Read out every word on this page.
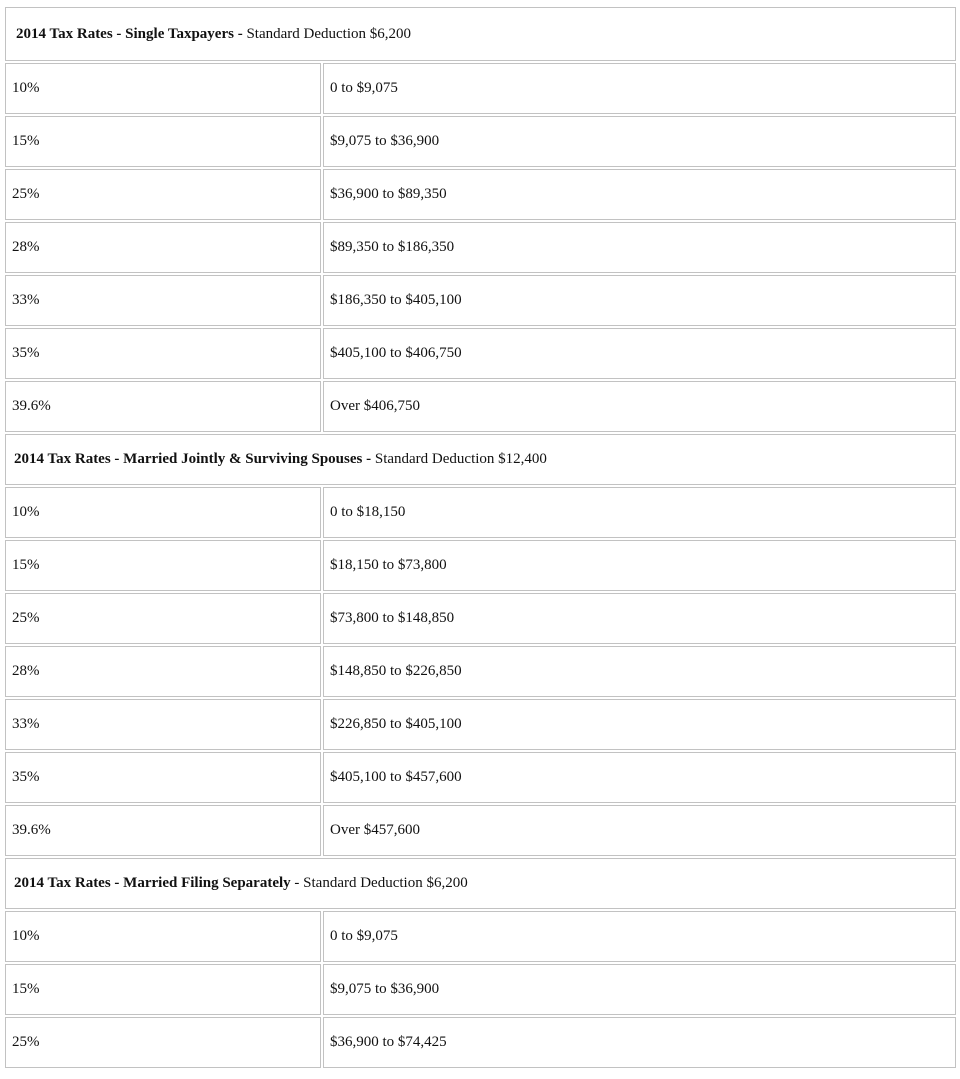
2014 Tax Rates - Single Taxpayers - Standard Deduction $6,200	
10%	0 to $9,075
15%	$9,075 to $36,900
25%	$36,900 to $89,350
28%	$89,350 to $186,350
33%	$186,350 to $405,100
35%	$405,100 to $406,750
39.6%	Over $406,750
2014 Tax Rates - Married Jointly & Surviving Spouses - Standard Deduction $12,400	
10%	0 to $18,150
15%	$18,150 to $73,800
25%	$73,800 to $148,850
28%	$148,850 to $226,850
33%	$226,850 to $405,100
35%	$405,100 to $457,600
39.6%	Over $457,600
2014 Tax Rates - Married Filing Separately - Standard Deduction $6,200	
10%	0 to $9,075
15%	$9,075 to $36,900
25%	$36,900 to $74,425
